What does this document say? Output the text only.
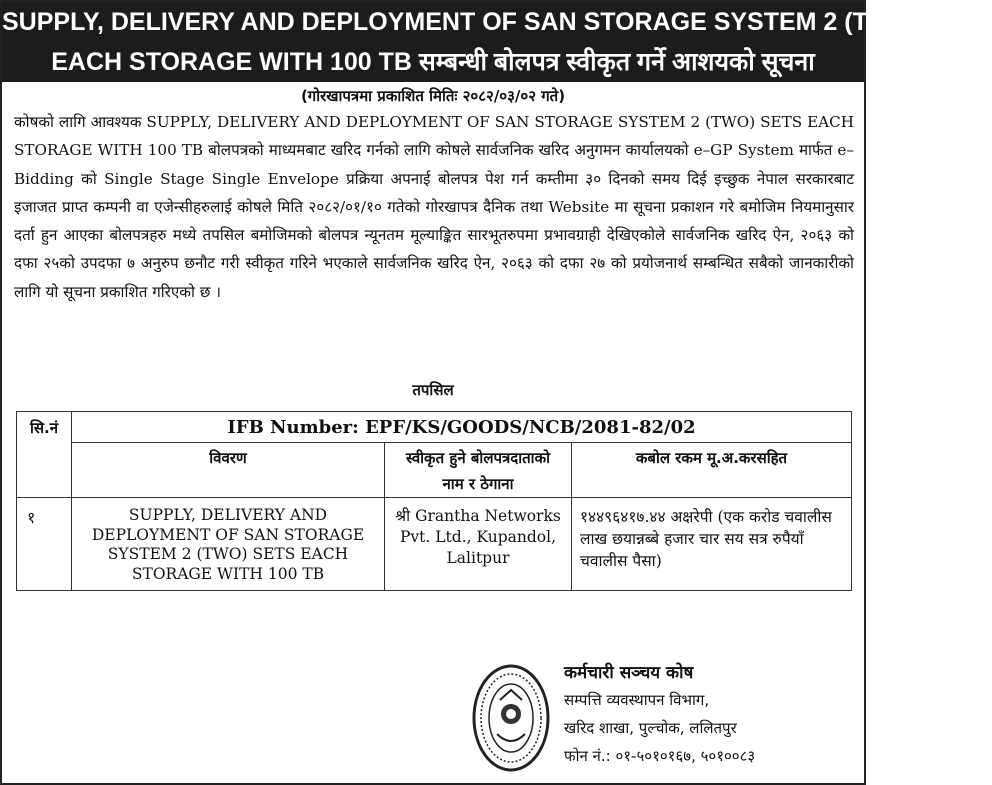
SUPPLY, DELIVERY AND DEPLOYMENT OF SAN STORAGE SYSTEM 2 (TWO) SETS
EACH STORAGE WITH 100 TB सम्बन्धी बोलपत्र स्वीकृत गर्ने आशयको सूचना
(गोरखापत्रमा प्रकाशित मितिः २०८२/०३/०२ गते)
कोषको लागि आवश्यक SUPPLY, DELIVERY AND DEPLOYMENT OF SAN STORAGE SYSTEM 2 (TWO) SETS EACH STORAGE WITH 100 TB बोलपत्रको माध्यमबाट खरिद गर्नको लागि कोषले सार्वजनिक खरिद अनुगमन कार्यालयको e–GP System मार्फत e–Bidding को Single Stage Single Envelope प्रक्रिया अपनाई बोलपत्र पेश गर्न कम्तीमा ३० दिनको समय दिई इच्छुक नेपाल सरकारबाट इजाजत प्राप्त कम्पनी वा एजेन्सीहरुलाई कोषले मिति २०८२/०१/१० गतेको गोरखापत्र दैनिक तथा Website मा सूचना प्रकाशन गरे बमोजिम नियमानुसार दर्ता हुन आएका बोलपत्रहरु मध्ये तपसिल बमोजिमको बोलपत्र न्यूनतम मूल्याङ्कित सारभूतरुपमा प्रभावग्राही देखिएकोले सार्वजनिक खरिद ऐन, २०६३ को दफा २५को उपदफा ७ अनुरुप छनौट गरी स्वीकृत गरिने भएकाले सार्वजनिक खरिद ऐन, २०६३ को दफा २७ को प्रयोजनार्थ सम्बन्धित सबैको जानकारीको लागि यो सूचना प्रकाशित गरिएको छ ।
तपसिल
सि.नं	IFB Number: EPF/KS/GOODS/NCB/2081-82/02		
	विवरण	स्वीकृत हुने बोलपत्रदाताको नाम र ठेगाना	कबोल रकम मू.अ.करसहित
१	SUPPLY, DELIVERY AND DEPLOYMENT OF SAN STORAGE SYSTEM 2 (TWO) SETS EACH STORAGE WITH 100 TB	श्री Grantha Networks Pvt. Ltd., Kupandol, Lalitpur	१४४९६४१७.४४ अक्षरेपी (एक करोड चवालीस लाख छयान्नब्बे हजार चार सय सत्र रुपैयाँ चवालीस पैसा)
कर्मचारी सञ्चय कोष
सम्पत्ति व्यवस्थापन विभाग,
खरिद शाखा, पुल्चोक, ललितपुर
फोन नं.: ०१-५०१०१६७, ५०१००८३
